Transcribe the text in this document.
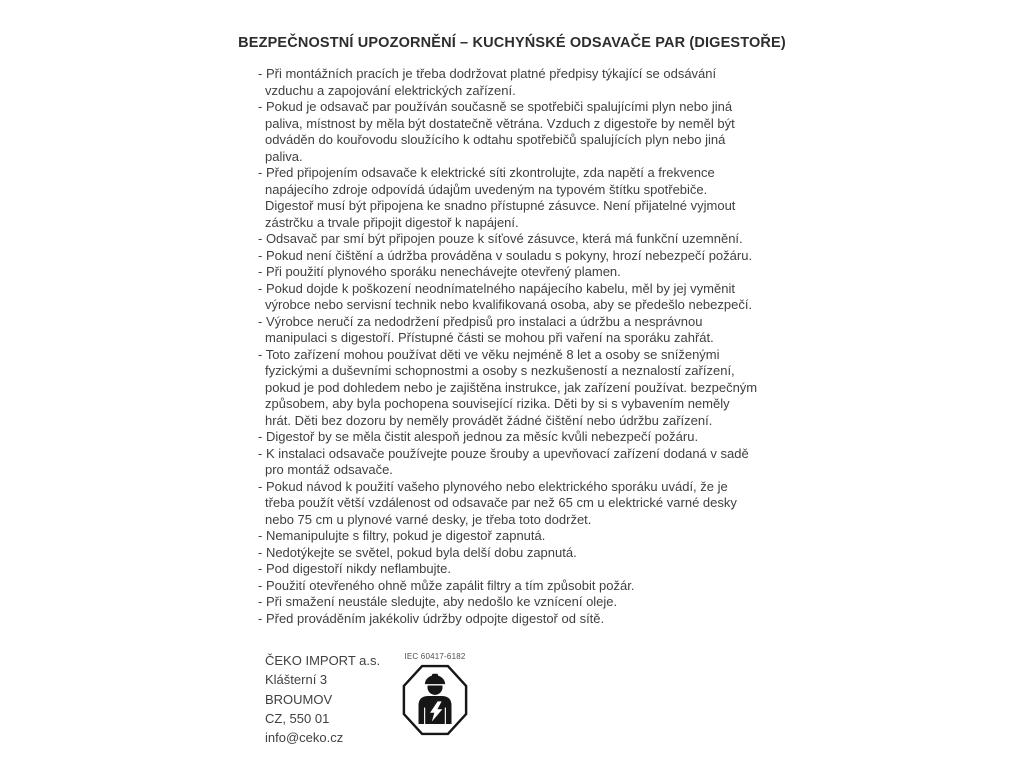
BEZPEČNOSTNÍ UPOZORNĚNÍ – KUCHYŃSKÉ ODSAVAČE PAR (DIGESTOŘE)
- Při montážních pracích je třeba dodržovat platné předpisy týkající se odsávání vzduchu a zapojování elektrických zařízení.
- Pokud je odsavač par používán současně se spotřebiči spalujícími plyn nebo jiná paliva, místnost by měla být dostatečně větrána. Vzduch z digestoře by neměl být odváděn do kouřovodu sloužícího k odtahu spotřebičů spalujících plyn nebo jiná paliva.
- Před připojením odsavače k elektrické síti zkontrolujte, zda napětí a frekvence napájecího zdroje odpovídá údajům uvedeným na typovém štítku spotřebiče. Digestoř musí být připojena ke snadno přístupné zásuvce. Není přijatelné vyjmout zástrčku a trvale připojit digestoř k napájení.
- Odsavač par smí být připojen pouze k síťové zásuvce, která má funkční uzemnění.
- Pokud není čištění a údržba prováděna v souladu s pokyny, hrozí nebezpečí požáru.
- Při použití plynového sporáku nenechávejte otevřený plamen.
- Pokud dojde k poškození neodnímatelného napájecího kabelu, měl by jej vyměnit výrobce nebo servisní technik nebo kvalifikovaná osoba, aby se předešlo nebezpečí.
- Výrobce neručí za nedodržení předpisů pro instalaci a údržbu a nesprávnou manipulaci s digestoří. Přístupné části se mohou při vaření na sporáku zahřát.
- Toto zařízení mohou používat děti ve věku nejméně 8 let a osoby se sníženými fyzickými a duševními schopnostmi a osoby s nezkušeností a neznalostí zařízení, pokud je pod dohledem nebo je zajištěna instrukce, jak zařízení používat. bezpečným způsobem, aby byla pochopena související rizika. Děti by si s vybavením neměly hrát. Děti bez dozoru by neměly provádět žádné čištění nebo údržbu zařízení.
- Digestoř by se měla čistit alespoň jednou za měsíc kvůli nebezpečí požáru.
- K instalaci odsavače používejte pouze šrouby a upevňovací zařízení dodaná v sadě pro montáž odsavače.
- Pokud návod k použití vašeho plynového nebo elektrického sporáku uvádí, že je třeba použít větší vzdálenost od odsavače par než 65 cm u elektrické varné desky nebo 75 cm u plynové varné desky, je třeba toto dodržet.
- Nemanipulujte s filtry, pokud je digestoř zapnutá.
- Nedotýkejte se světel, pokud byla delší dobu zapnutá.
- Pod digestoří nikdy neflambujte.
- Použití otevřeného ohně může zapálit filtry a tím způsobit požár.
- Při smažení neustále sledujte, aby nedošlo ke vznícení oleje.
- Před prováděním jakékoliv údržby odpojte digestoř od sítě.
ČEKO IMPORT a.s.
Klášterní 3
BROUMOV
CZ, 550 01
info@ceko.cz
IEC 60417-6182
